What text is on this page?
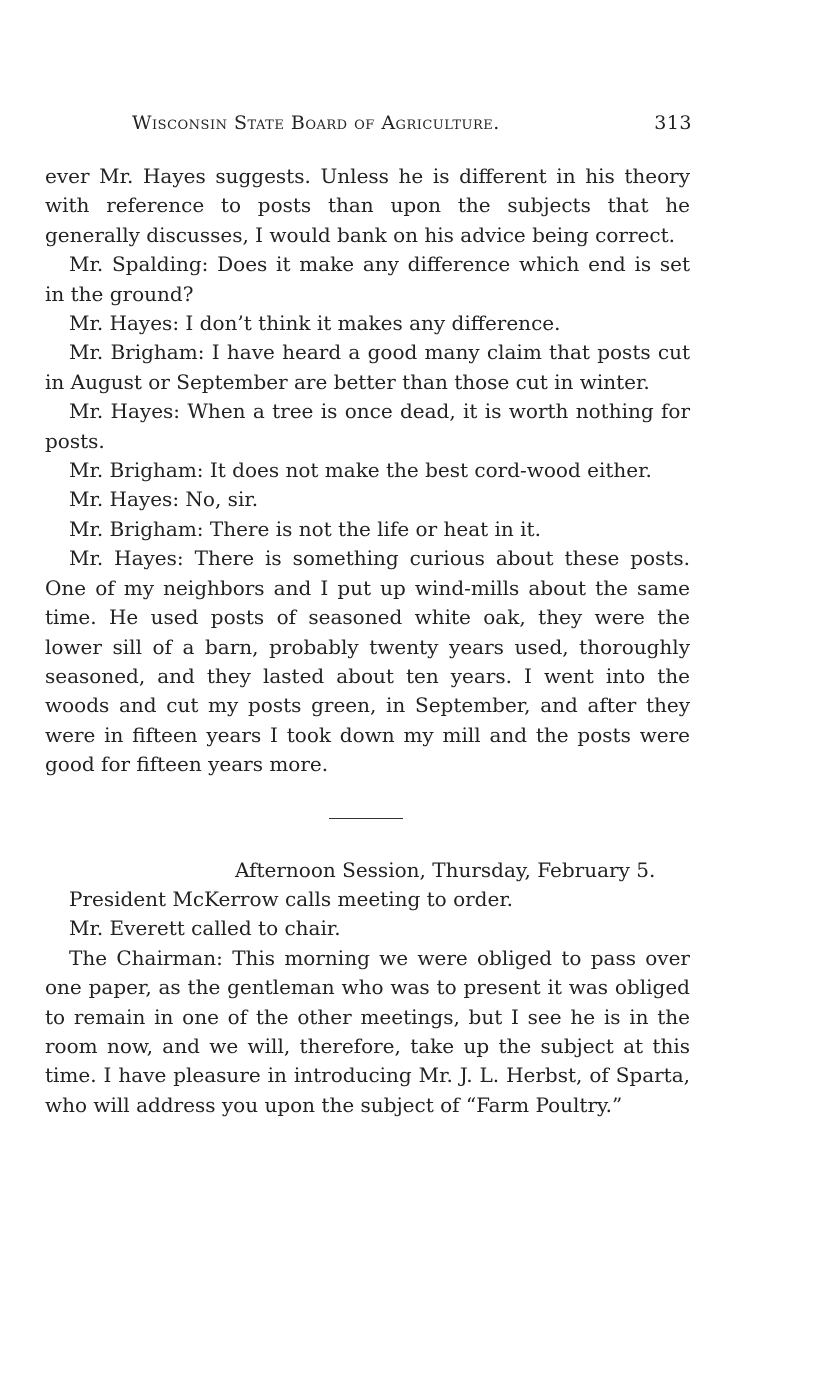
Wisconsin State Board of Agriculture.	313

ever Mr. Hayes suggests. Unless he is different in his theory with reference to posts than upon the subjects that he generally discusses, I would bank on his advice being correct.

Mr. Spalding: Does it make any difference which end is set in the ground?

Mr. Hayes: I don’t think it makes any difference.

Mr. Brigham: I have heard a good many claim that posts cut in August or September are better than those cut in winter.

Mr. Hayes: When a tree is once dead, it is worth nothing for posts.

Mr. Brigham: It does not make the best cord-wood either.

Mr. Hayes: No, sir.

Mr. Brigham: There is not the life or heat in it.

Mr. Hayes: There is something curious about these posts. One of my neighbors and I put up wind-mills about the same time. He used posts of seasoned white oak, they were the lower sill of a barn, probably twenty years used, thoroughly seasoned, and they lasted about ten years. I went into the woods and cut my posts green, in September, and after they were in fifteen years I took down my mill and the posts were good for fifteen years more.

Afternoon Session, Thursday, February 5.

President McKerrow calls meeting to order.

Mr. Everett called to chair.

The Chairman: This morning we were obliged to pass over one paper, as the gentleman who was to present it was obliged to remain in one of the other meetings, but I see he is in the room now, and we will, therefore, take up the subject at this time. I have pleasure in introducing Mr. J. L. Herbst, of Sparta, who will address you upon the subject of “Farm Poultry.”
